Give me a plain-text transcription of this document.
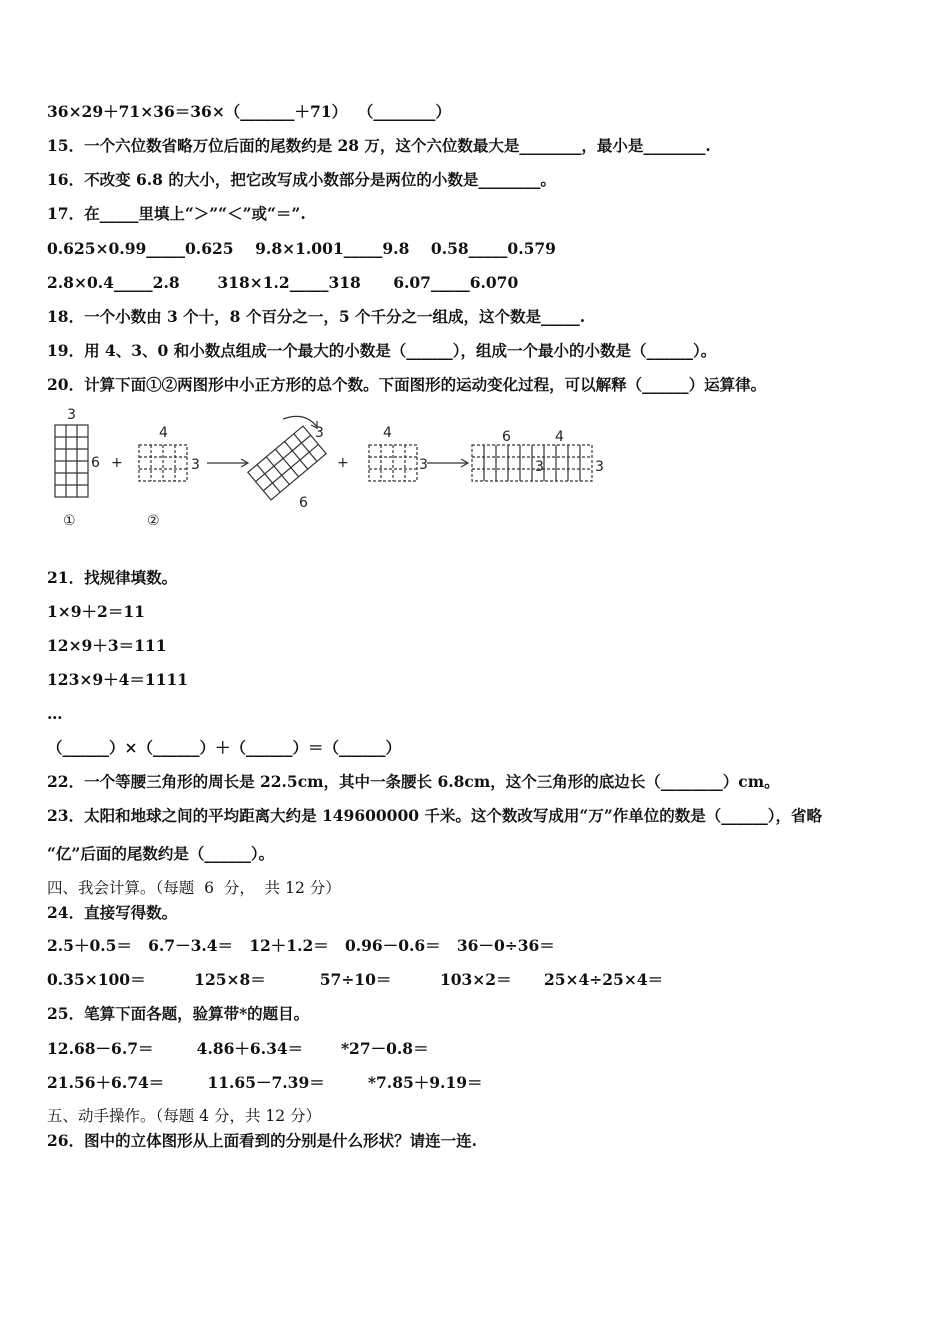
36×29＋71×36＝36×（_______＋71）  （________）
15．一个六位数省略万位后面的尾数约是 28 万，这个六位数最大是________，最小是________.
16．不改变 6.8 的大小，把它改写成小数部分是两位的小数是________。
17．在_____里填上“＞”“＜”或“＝”.
0.625×0.99_____0.625    9.8×1.001_____9.8    0.58_____0.579
2.8×0.4_____2.8       318×1.2_____318      6.07_____6.070
18．一个小数由 3 个十，8 个百分之一，5 个千分之一组成，这个数是_____.
19．用 4、3、0 和小数点组成一个最大的小数是（______），组成一个最小的小数是（______）。
20．计算下面①②两图形中小正方形的总个数。下面图形的运动变化过程，可以解释（______）运算律。
3
6
①
+
4
3
②
3
6
+
4
3
6	4
3	3
21．找规律填数。
1×9＋2＝11
12×9＋3＝111
123×9＋4＝1111
…
（______）×（______）＋（______）＝（______）
22．一个等腰三角形的周长是 22.5cm，其中一条腰长 6.8cm，这个三角形的底边长（________）cm。
23．太阳和地球之间的平均距离大约是 149600000 千米。这个数改写成用“万”作单位的数是（______），省略
“亿”后面的尾数约是（______）。
四、我会计算。（每题  6  分，  共 12 分）
24．直接写得数。
2.5＋0.5＝   6.7－3.4＝   12＋1.2＝   0.96－0.6＝   36－0÷36＝
0.35×100＝         125×8＝          57÷10＝         103×2＝      25×4÷25×4＝
25．笔算下面各题，验算带*的题目。
12.68－6.7＝        4.86＋6.34＝       *27－0.8＝
21.56＋6.74＝        11.65－7.39＝        *7.85＋9.19＝
五、动手操作。（每题 4 分，共 12 分）
26．图中的立体图形从上面看到的分别是什么形状？请连一连.
